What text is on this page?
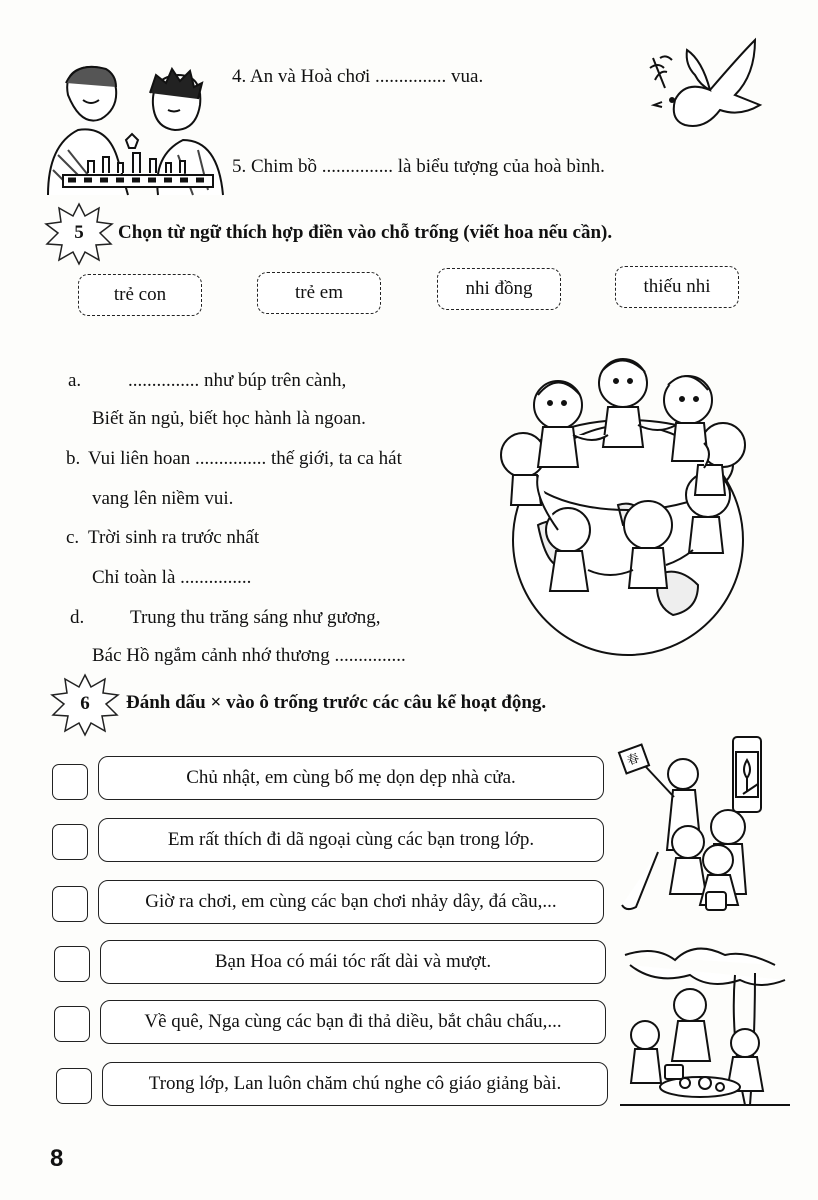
4. An và Hoà chơi ............... vua.
5. Chim bồ ............... là biểu tượng của hoà bình.
5	Chọn từ ngữ thích hợp điền vào chỗ trống (viết hoa nếu cần).
trẻ con	trẻ em	nhi đồng	thiếu nhi
a. ............... như búp trên cành,
Biết ăn ngủ, biết học hành là ngoan.
b. Vui liên hoan ............... thế giới, ta ca hát
vang lên niềm vui.
c. Trời sinh ra trước nhất
Chỉ toàn là ...............
d. Trung thu trăng sáng như gương,
Bác Hồ ngắm cảnh nhớ thương ...............
6	Đánh dấu × vào ô trống trước các câu kể hoạt động.
Chủ nhật, em cùng bố mẹ dọn dẹp nhà cửa.
Em rất thích đi dã ngoại cùng các bạn trong lớp.
Giờ ra chơi, em cùng các bạn chơi nhảy dây, đá cầu,...
Bạn Hoa có mái tóc rất dài và mượt.
Về quê, Nga cùng các bạn đi thả diều, bắt châu chấu,...
Trong lớp, Lan luôn chăm chú nghe cô giáo giảng bài.
春
8
